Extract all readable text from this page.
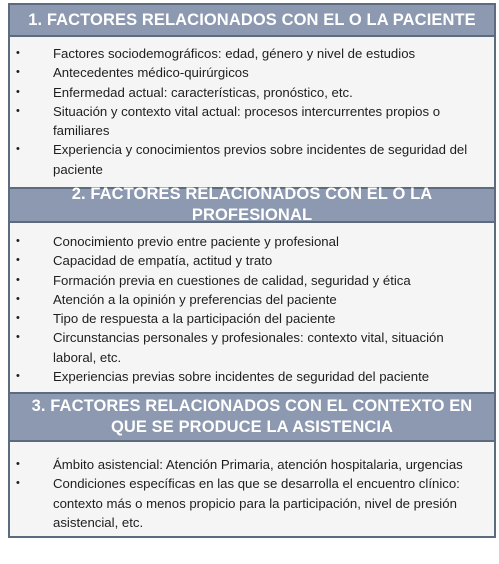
1. FACTORES RELACIONADOS CON EL O LA PACIENTE
•	Factores sociodemográficos: edad, género y nivel de estudios
•	Antecedentes médico-quirúrgicos
•	Enfermedad actual: características, pronóstico, etc.
•	Situación y contexto vital actual: procesos intercurrentes propios o familiares
•	Experiencia y conocimientos previos sobre incidentes de seguridad del paciente
2. FACTORES RELACIONADOS CON EL O LA PROFESIONAL
•	Conocimiento previo entre paciente y profesional
•	Capacidad de empatía, actitud y trato
•	Formación previa en cuestiones de calidad, seguridad y ética
•	Atención a la opinión y preferencias del paciente
•	Tipo de respuesta a la participación del paciente
•	Circunstancias personales y profesionales: contexto vital, situación laboral, etc.
•	Experiencias previas sobre incidentes de seguridad del paciente
3. FACTORES RELACIONADOS CON EL CONTEXTO EN QUE SE PRODUCE LA ASISTENCIA
•	Ámbito asistencial: Atención Primaria, atención hospitalaria, urgencias
•	Condiciones específicas en las que se desarrolla el encuentro clínico: contexto más o menos propicio para la participación, nivel de presión asistencial, etc.
